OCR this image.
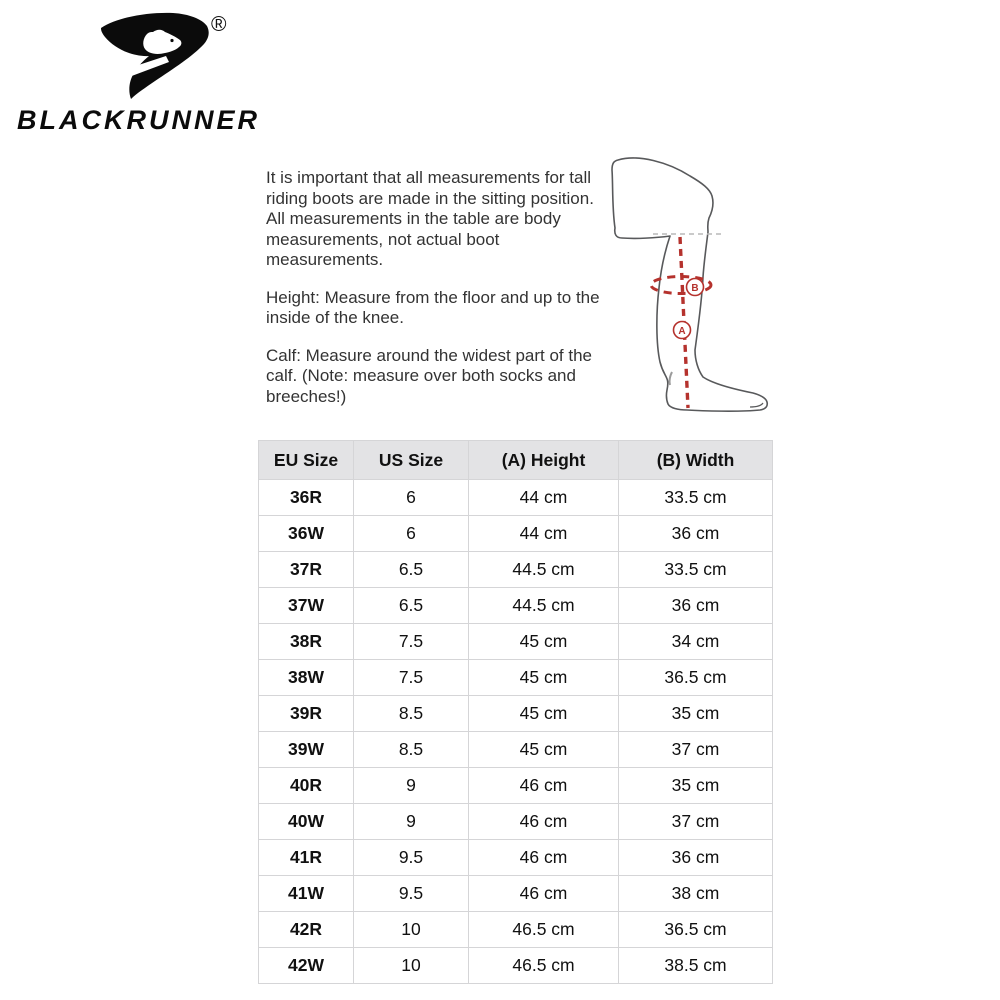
®
BLACKRUNNER

It is important that all measurements for tall riding boots are made in the sitting position. All measurements in the table are body measurements, not actual boot measurements.

Height: Measure from the floor and up to the inside of the knee.

Calf: Measure around the widest part of the calf. (Note: measure over both socks and breeches!)

B
A
EU Size	US Size	(A) Height	(B) Width
36R	6	44 cm	33.5 cm
36W	6	44 cm	36 cm
37R	6.5	44.5 cm	33.5 cm
37W	6.5	44.5 cm	36 cm
38R	7.5	45 cm	34 cm
38W	7.5	45 cm	36.5 cm
39R	8.5	45 cm	35 cm
39W	8.5	45 cm	37 cm
40R	9	46 cm	35 cm
40W	9	46 cm	37 cm
41R	9.5	46 cm	36 cm
41W	9.5	46 cm	38 cm
42R	10	46.5 cm	36.5 cm
42W	10	46.5 cm	38.5 cm
